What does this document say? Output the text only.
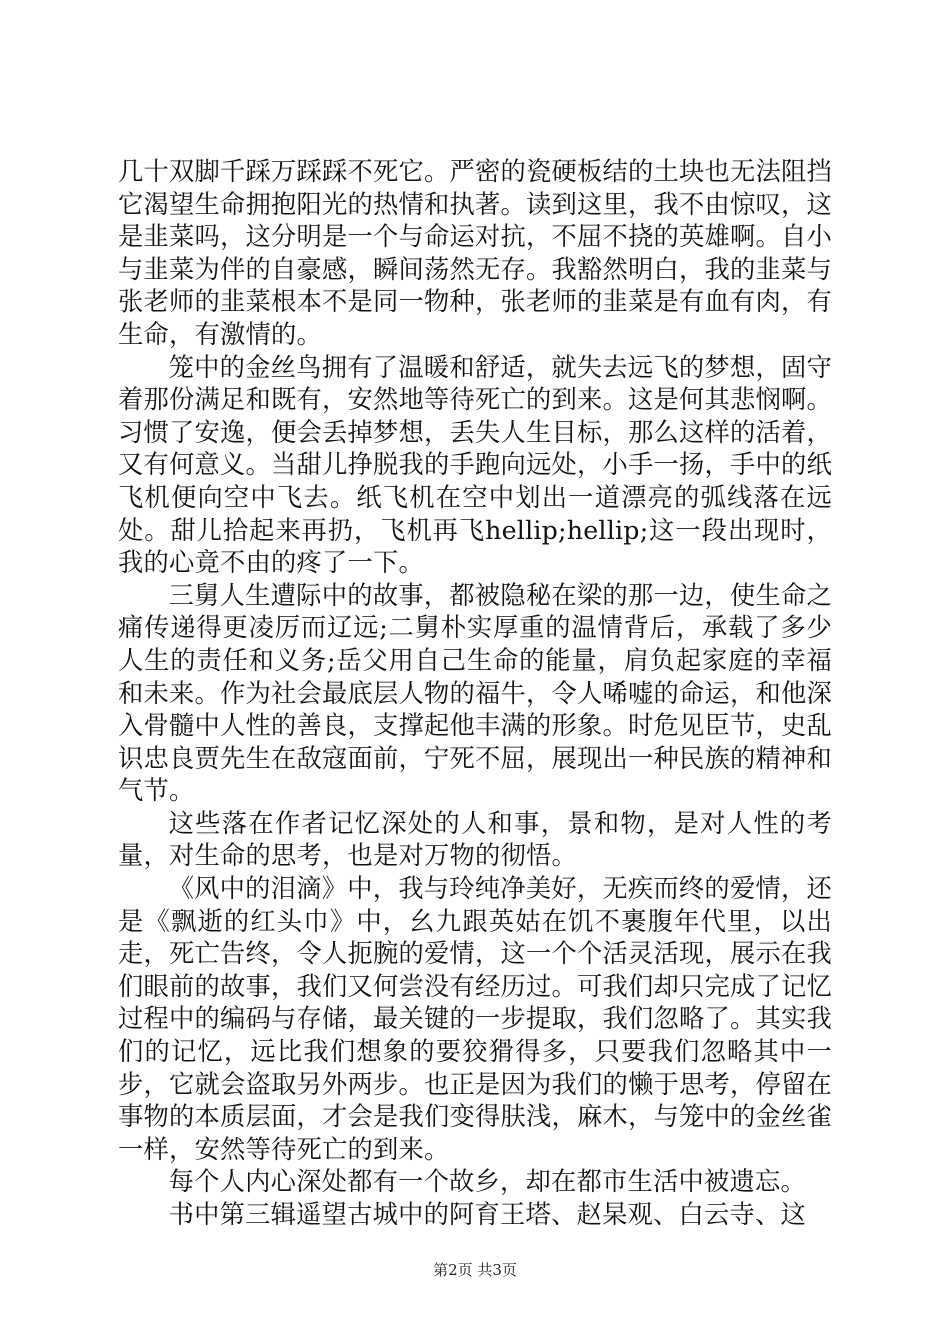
几十双脚千踩万踩踩不死它。严密的瓷硬板结的土块也无法阻挡它渴望生命拥抱阳光的热情和执著。读到这里，我不由惊叹，这是韭菜吗，这分明是一个与命运对抗，不屈不挠的英雄啊。自小与韭菜为伴的自豪感，瞬间荡然无存。我豁然明白，我的韭菜与张老师的韭菜根本不是同一物种，张老师的韭菜是有血有肉，有生命，有激情的。

笼中的金丝鸟拥有了温暖和舒适，就失去远飞的梦想，固守着那份满足和既有，安然地等待死亡的到来。这是何其悲悯啊。习惯了安逸，便会丢掉梦想，丢失人生目标，那么这样的活着，又有何意义。当甜儿挣脱我的手跑向远处，小手一扬，手中的纸飞机便向空中飞去。纸飞机在空中划出一道漂亮的弧线落在远处。甜儿拾起来再扔，飞机再飞hellip;hellip;这一段出现时，我的心竟不由的疼了一下。

三舅人生遭际中的故事，都被隐秘在梁的那一边，使生命之痛传递得更凌厉而辽远;二舅朴实厚重的温情背后，承载了多少人生的责任和义务;岳父用自己生命的能量，肩负起家庭的幸福和未来。作为社会最底层人物的福牛，令人唏嘘的命运，和他深入骨髓中人性的善良，支撑起他丰满的形象。时危见臣节，史乱识忠良贾先生在敌寇面前，宁死不屈，展现出一种民族的精神和气节。

这些落在作者记忆深处的人和事，景和物，是对人性的考量，对生命的思考，也是对万物的彻悟。

《风中的泪滴》中，我与玲纯净美好，无疾而终的爱情，还是《飘逝的红头巾》中，幺九跟英姑在饥不裹腹年代里，以出走，死亡告终，令人扼腕的爱情，这一个个活灵活现，展示在我们眼前的故事，我们又何尝没有经历过。可我们却只完成了记忆过程中的编码与存储，最关键的一步提取，我们忽略了。其实我们的记忆，远比我们想象的要狡猾得多，只要我们忽略其中一步，它就会盗取另外两步。也正是因为我们的懒于思考，停留在事物的本质层面，才会是我们变得肤浅，麻木，与笼中的金丝雀一样，安然等待死亡的到来。

每个人内心深处都有一个故乡，却在都市生活中被遗忘。

书中第三辑遥望古城中的阿育王塔、赵杲观、白云寺、这

第2页 共3页
